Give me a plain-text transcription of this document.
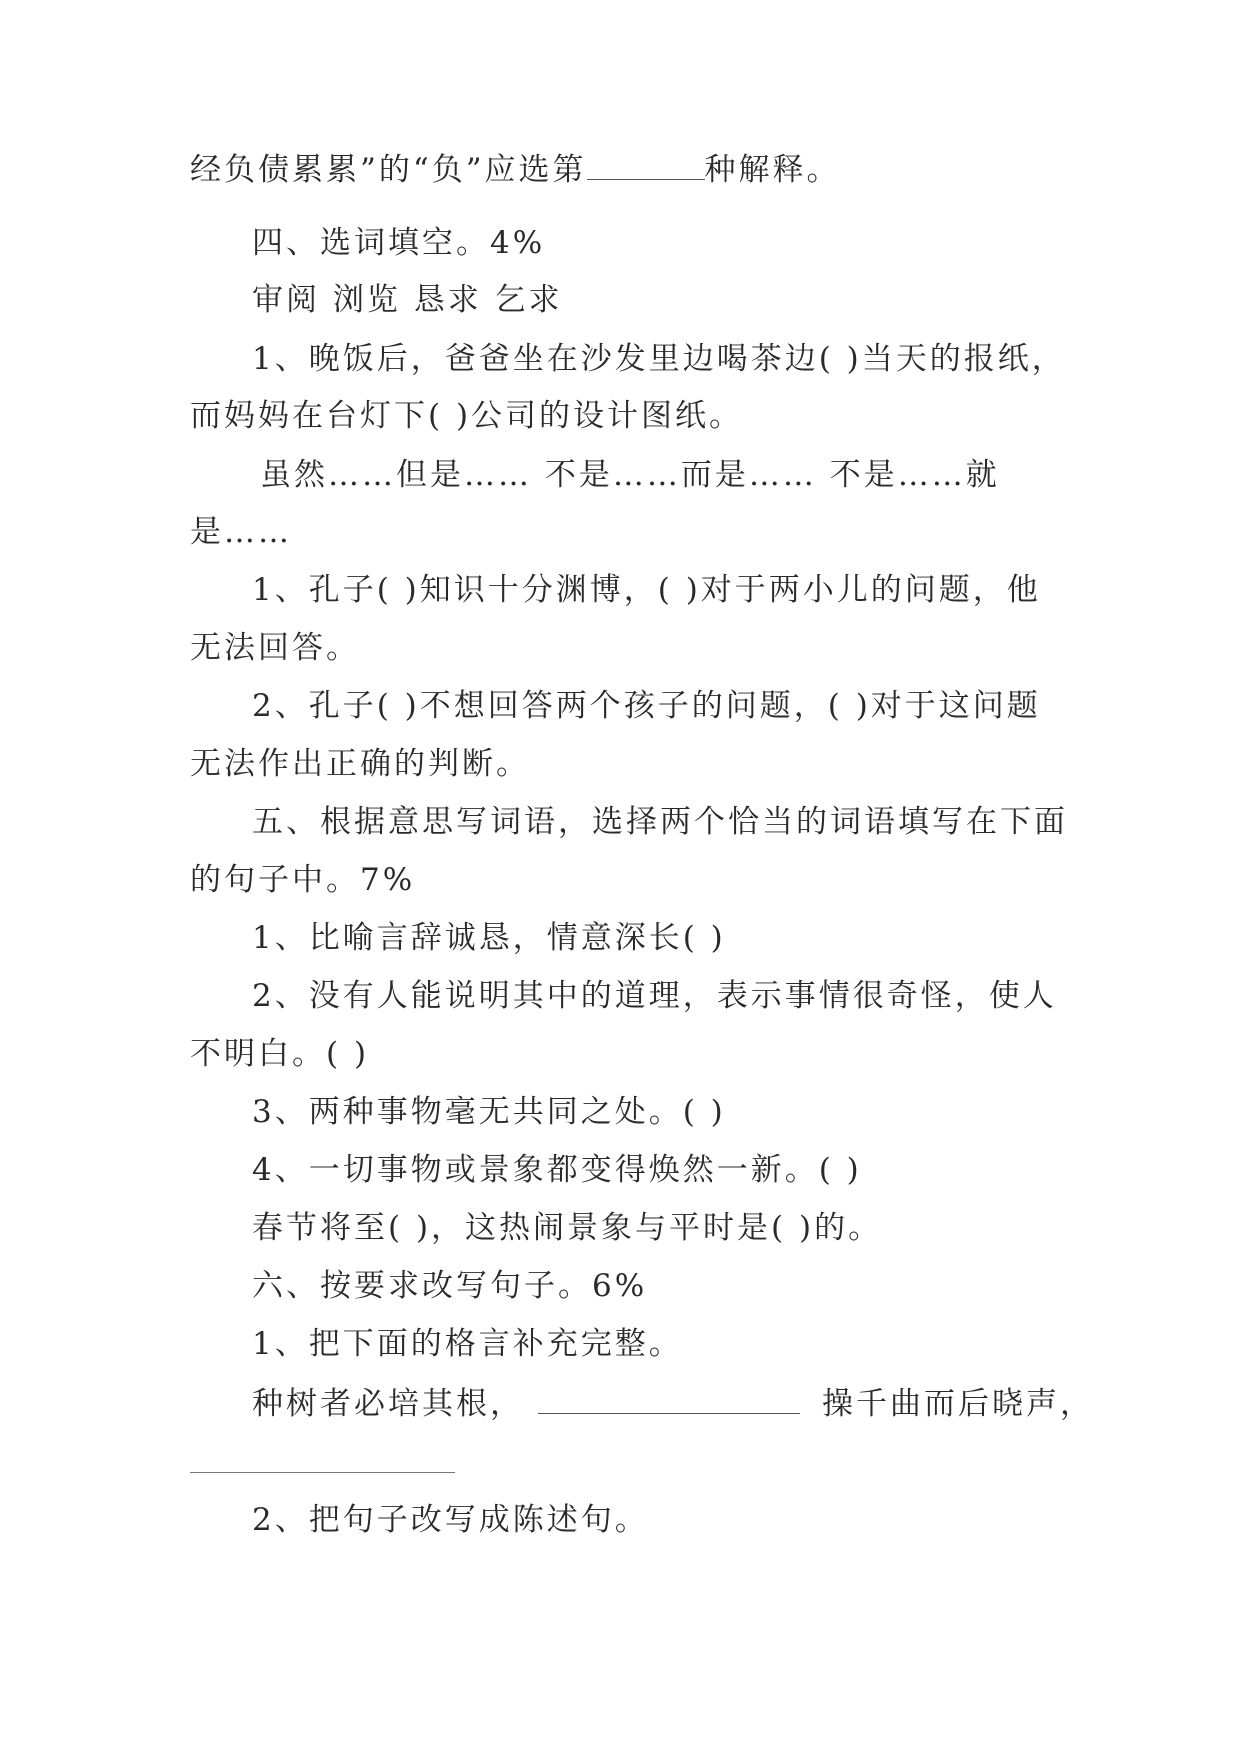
经负债累累”的“负”应选第	种解释。
四、选词填空。4%
审阅 浏览 恳求 乞求
1、晚饭后，爸爸坐在沙发里边喝茶边( )当天的报纸，
而妈妈在台灯下( )公司的设计图纸。
虽然……但是…… 不是……而是…… 不是……就
是……
1、孔子( )知识十分渊博，( )对于两小儿的问题，他
无法回答。
2、孔子( )不想回答两个孩子的问题，( )对于这问题
无法作出正确的判断。
五、根据意思写词语，选择两个恰当的词语填写在下面
的句子中。7%
1、比喻言辞诚恳，情意深长( )
2、没有人能说明其中的道理，表示事情很奇怪，使人
不明白。( )
3、两种事物毫无共同之处。( )
4、一切事物或景象都变得焕然一新。( )
春节将至( )，这热闹景象与平时是( )的。
六、按要求改写句子。6%
1、把下面的格言补充完整。
种树者必培其根，	操千曲而后晓声，
2、把句子改写成陈述句。
